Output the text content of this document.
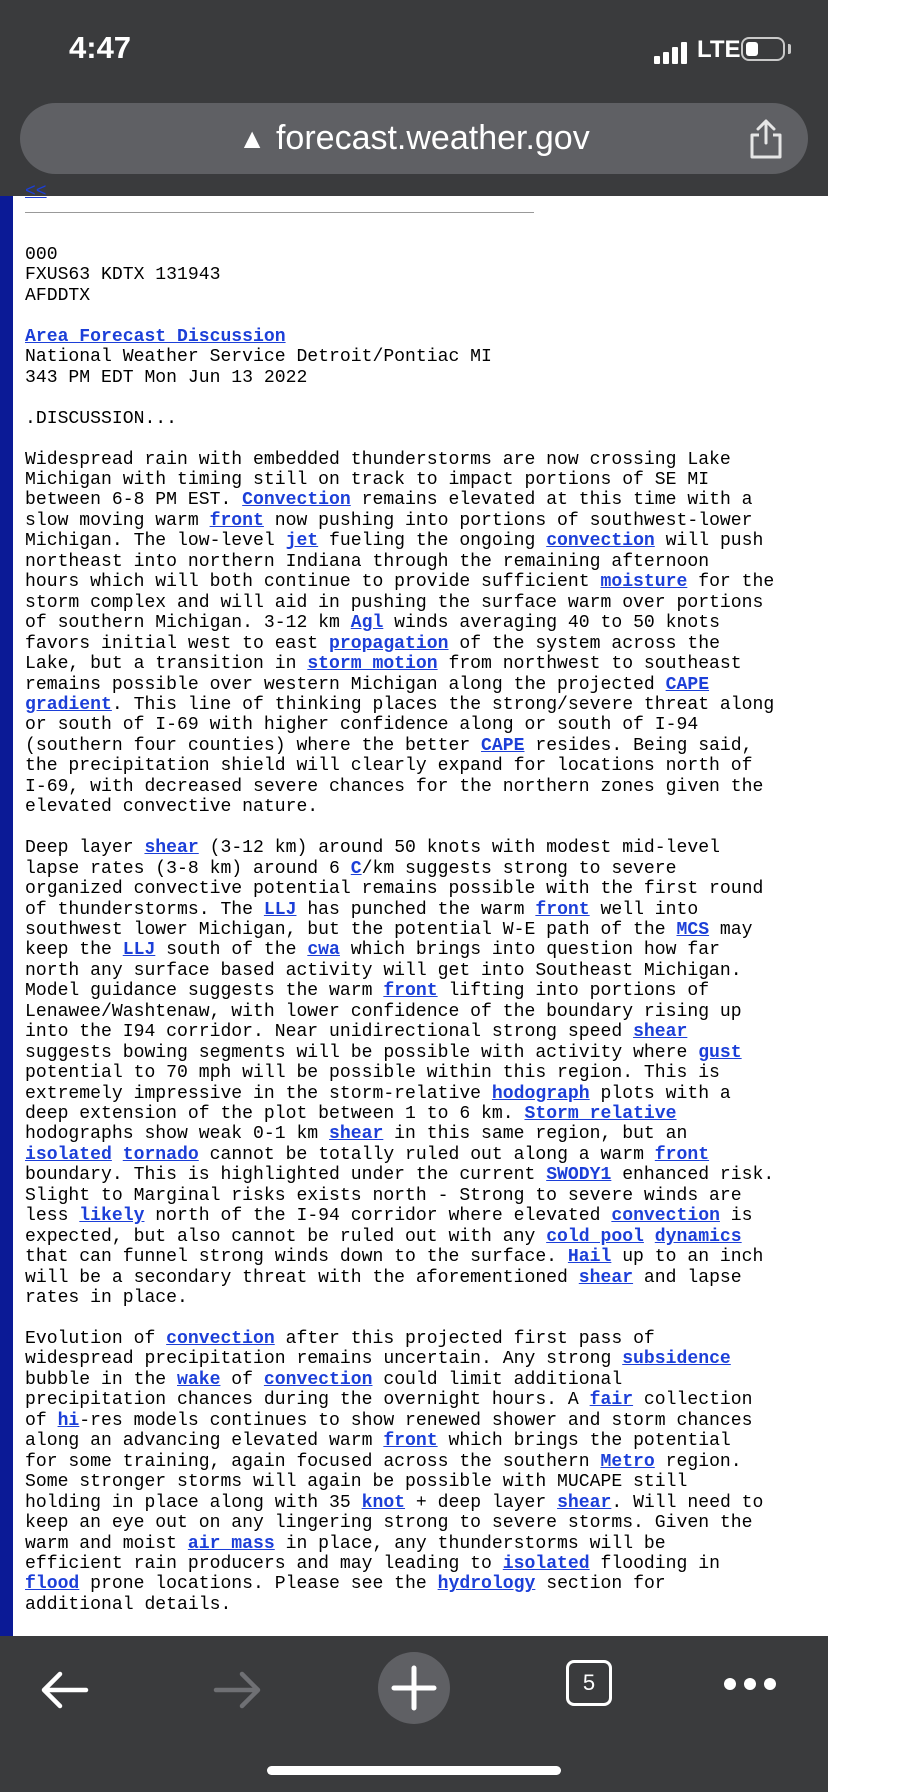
4:47	LTE
▲ forecast.weather.gov
<<
000
FXUS63 KDTX 131943
AFDDTX

Area Forecast Discussion
National Weather Service Detroit/Pontiac MI
343 PM EDT Mon Jun 13 2022

.DISCUSSION...

Widespread rain with embedded thunderstorms are now crossing Lake
Michigan with timing still on track to impact portions of SE MI
between 6-8 PM EST. Convection remains elevated at this time with a
slow moving warm front now pushing into portions of southwest-lower
Michigan. The low-level jet fueling the ongoing convection will push
northeast into northern Indiana through the remaining afternoon
hours which will both continue to provide sufficient moisture for the
storm complex and will aid in pushing the surface warm over portions
of southern Michigan. 3-12 km Agl winds averaging 40 to 50 knots
favors initial west to east propagation of the system across the
Lake, but a transition in storm motion from northwest to southeast
remains possible over western Michigan along the projected CAPE
gradient. This line of thinking places the strong/severe threat along
or south of I-69 with higher confidence along or south of I-94
(southern four counties) where the better CAPE resides. Being said,
the precipitation shield will clearly expand for locations north of
I-69, with decreased severe chances for the northern zones given the
elevated convective nature.

Deep layer shear (3-12 km) around 50 knots with modest mid-level
lapse rates (3-8 km) around 6 C/km suggests strong to severe
organized convective potential remains possible with the first round
of thunderstorms. The LLJ has punched the warm front well into
southwest lower Michigan, but the potential W-E path of the MCS may
keep the LLJ south of the cwa which brings into question how far
north any surface based activity will get into Southeast Michigan.
Model guidance suggests the warm front lifting into portions of
Lenawee/Washtenaw, with lower confidence of the boundary rising up
into the I94 corridor. Near unidirectional strong speed shear
suggests bowing segments will be possible with activity where gust
potential to 70 mph will be possible within this region. This is
extremely impressive in the storm-relative hodograph plots with a
deep extension of the plot between 1 to 6 km. Storm relative
hodographs show weak 0-1 km shear in this same region, but an
isolated tornado cannot be totally ruled out along a warm front
boundary. This is highlighted under the current SWODY1 enhanced risk.
Slight to Marginal risks exists north - Strong to severe winds are
less likely north of the I-94 corridor where elevated convection is
expected, but also cannot be ruled out with any cold pool dynamics
that can funnel strong winds down to the surface. Hail up to an inch
will be a secondary threat with the aforementioned shear and lapse
rates in place.

Evolution of convection after this projected first pass of
widespread precipitation remains uncertain. Any strong subsidence
bubble in the wake of convection could limit additional
precipitation chances during the overnight hours. A fair collection
of hi-res models continues to show renewed shower and storm chances
along an advancing elevated warm front which brings the potential
for some training, again focused across the southern Metro region.
Some stronger storms will again be possible with MUCAPE still
holding in place along with 35 knot + deep layer shear. Will need to
keep an eye out on any lingering strong to severe storms. Given the
warm and moist air mass in place, any thunderstorms will be
efficient rain producers and may leading to isolated flooding in
flood prone locations. Please see the hydrology section for
additional details.

5
